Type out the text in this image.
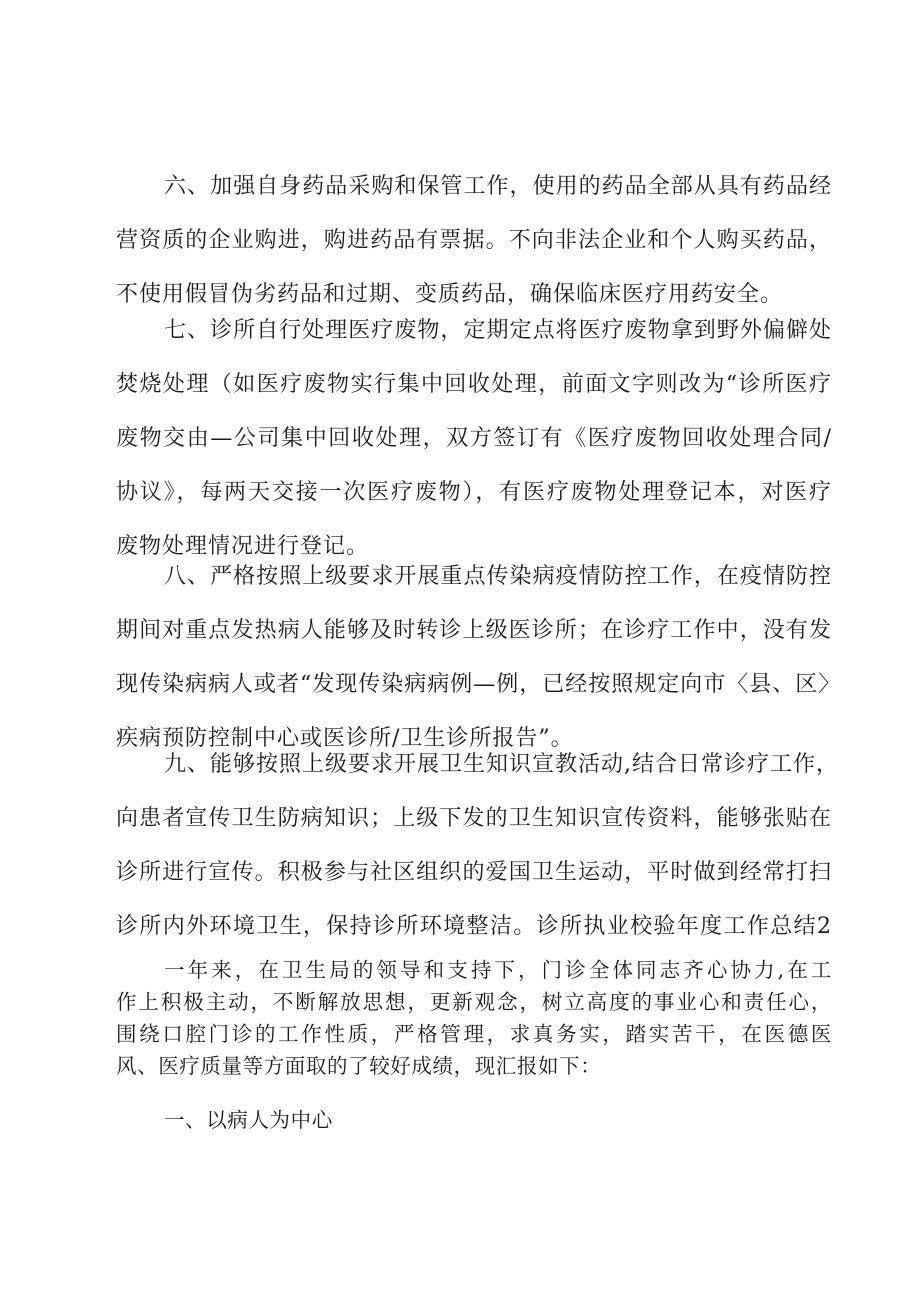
六、加强自身药品采购和保管工作，使用的药品全部从具有药品经
营资质的企业购进，购进药品有票据。不向非法企业和个人购买药品，
不使用假冒伪劣药品和过期、变质药品，确保临床医疗用药安全。

七、诊所自行处理医疗废物，定期定点将医疗废物拿到野外偏僻处
焚烧处理（如医疗废物实行集中回收处理，前面文字则改为“诊所医疗
废物交由—公司集中回收处理，双方签订有《医疗废物回收处理合同/
协议》，每两天交接一次医疗废物），有医疗废物处理登记本，对医疗
废物处理情况进行登记。

八、严格按照上级要求开展重点传染病疫情防控工作，在疫情防控
期间对重点发热病人能够及时转诊上级医诊所；在诊疗工作中，没有发
现传染病病人或者“发现传染病病例—例，已经按照规定向市〈县、区〉
疾病预防控制中心或医诊所/卫生诊所报告”。

九、能够按照上级要求开展卫生知识宣教活动,结合日常诊疗工作，
向患者宣传卫生防病知识；上级下发的卫生知识宣传资料，能够张贴在
诊所进行宣传。积极参与社区组织的爱国卫生运动，平时做到经常打扫
诊所内外环境卫生，保持诊所环境整洁。诊所执业校验年度工作总结2

一年来，在卫生局的领导和支持下，门诊全体同志齐心协力,在工
作上积极主动，不断解放思想，更新观念，树立高度的事业心和责任心，
围绕口腔门诊的工作性质，严格管理，求真务实，踏实苦干，在医德医
风、医疗质量等方面取的了较好成绩，现汇报如下：

一、以病人为中心
